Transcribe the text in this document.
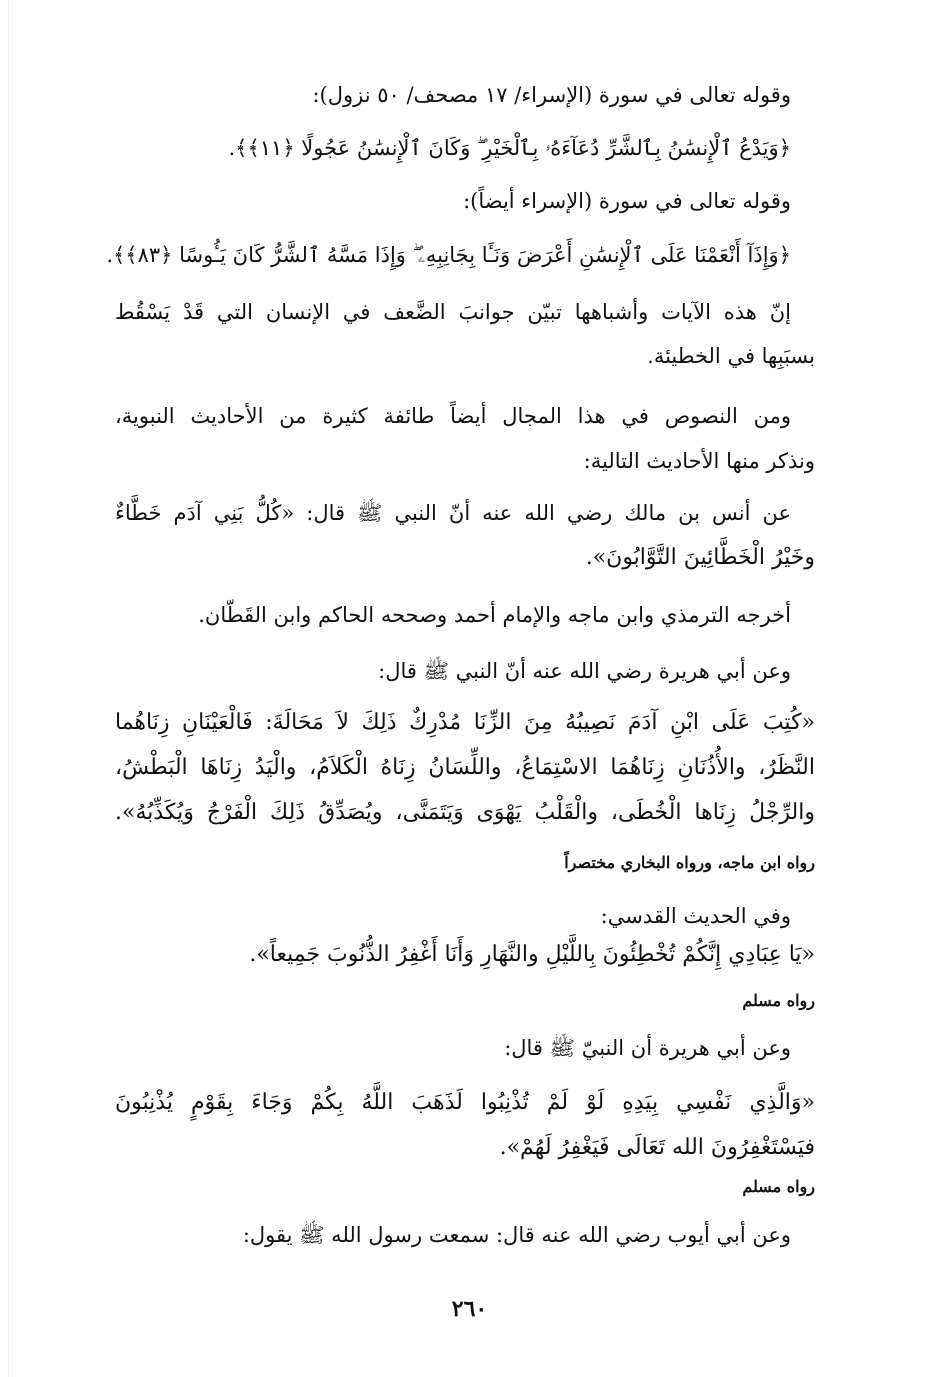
وقوله تعالى في سورة (الإسراء/ ١٧ مصحف/ ٥٠ نزول):
﴿وَيَدْعُ ٱلْإِنسَٰنُ بِٱلشَّرِّ دُعَآءَهُۥ بِٱلْخَيْرِ ۖ وَكَانَ ٱلْإِنسَٰنُ عَجُولًا ﴿١١﴾﴾.
وقوله تعالى في سورة (الإسراء أيضاً):
﴿وَإِذَآ أَنْعَمْنَا عَلَى ٱلْإِنسَٰنِ أَعْرَضَ وَنَـَٔا بِجَانِبِهِۦ ۖ وَإِذَا مَسَّهُ ٱلشَّرُّ كَانَ يَـُٔوسًا ﴿٨٣﴾﴾.
إنّ هذه الآيات وأشباهها تبيّن جوانبَ الضَّعف في الإنسان التي قَدْ يَسْقُط
بسبَبِها في الخطيئة.
ومن النصوص في هذا المجال أيضاً طائفة كثيرة من الأحاديث النبوية،
ونذكر منها الأحاديث التالية:
عن أنس بن مالك رضي الله عنه أنّ النبي ﷺ قال: «كُلُّ بَنِي آدَم خَطَّاءٌ
وخَيْرُ الْخَطَّائِينَ التَّوَّابُونَ».
أخرجه الترمذي وابن ماجه والإمام أحمد وصححه الحاكم وابن القَطّان.
وعن أبي هريرة رضي الله عنه أنّ النبي ﷺ قال:
«كُتِبَ عَلَى ابْنِ آدَمَ نَصِيبُهُ مِنَ الزِّنَا مُدْرِكٌ ذَلِكَ لاَ مَحَالَةَ: فَالْعَيْنَانِ زِنَاهُما
النَّظَرُ، والأُذُنَانِ زِنَاهُمَا الاسْتِمَاعُ، واللِّسَانُ زِنَاهُ الْكَلاَمُ، والْيَدُ زِنَاهَا الْبَطْشُ،
والرِّجْلُ زِنَاها الْخُطَى، والْقَلْبُ يَهْوَى وَيَتَمَنَّى، ويُصَدِّقُ ذَلِكَ الْفَرْجُ وَيُكَذِّبُهُ».
رواه ابن ماجه، ورواه البخاري مختصراً
وفي الحديث القدسي:
«يَا عِبَادِي إِنَّكُمْ تُخْطِئُونَ بِاللَّيْلِ والنَّهَارِ وَأَنَا أَغْفِرُ الذُّنُوبَ جَمِيعاً».
رواه مسلم
وعن أبي هريرة أن النبيّ ﷺ قال:
«وَالَّذِي نَفْسِي بِيَدِهِ لَوْ لَمْ تُذْنِبُوا لَذَهَبَ اللَّهُ بِكُمْ وَجَاءَ بِقَوْمٍ يُذْنِبُونَ
فيَسْتَغْفِرُونَ الله تَعَالَى فَيَغْفِرُ لَهُمْ».
رواه مسلم
وعن أبي أيوب رضي الله عنه قال: سمعت رسول الله ﷺ يقول:
٢٦٠
